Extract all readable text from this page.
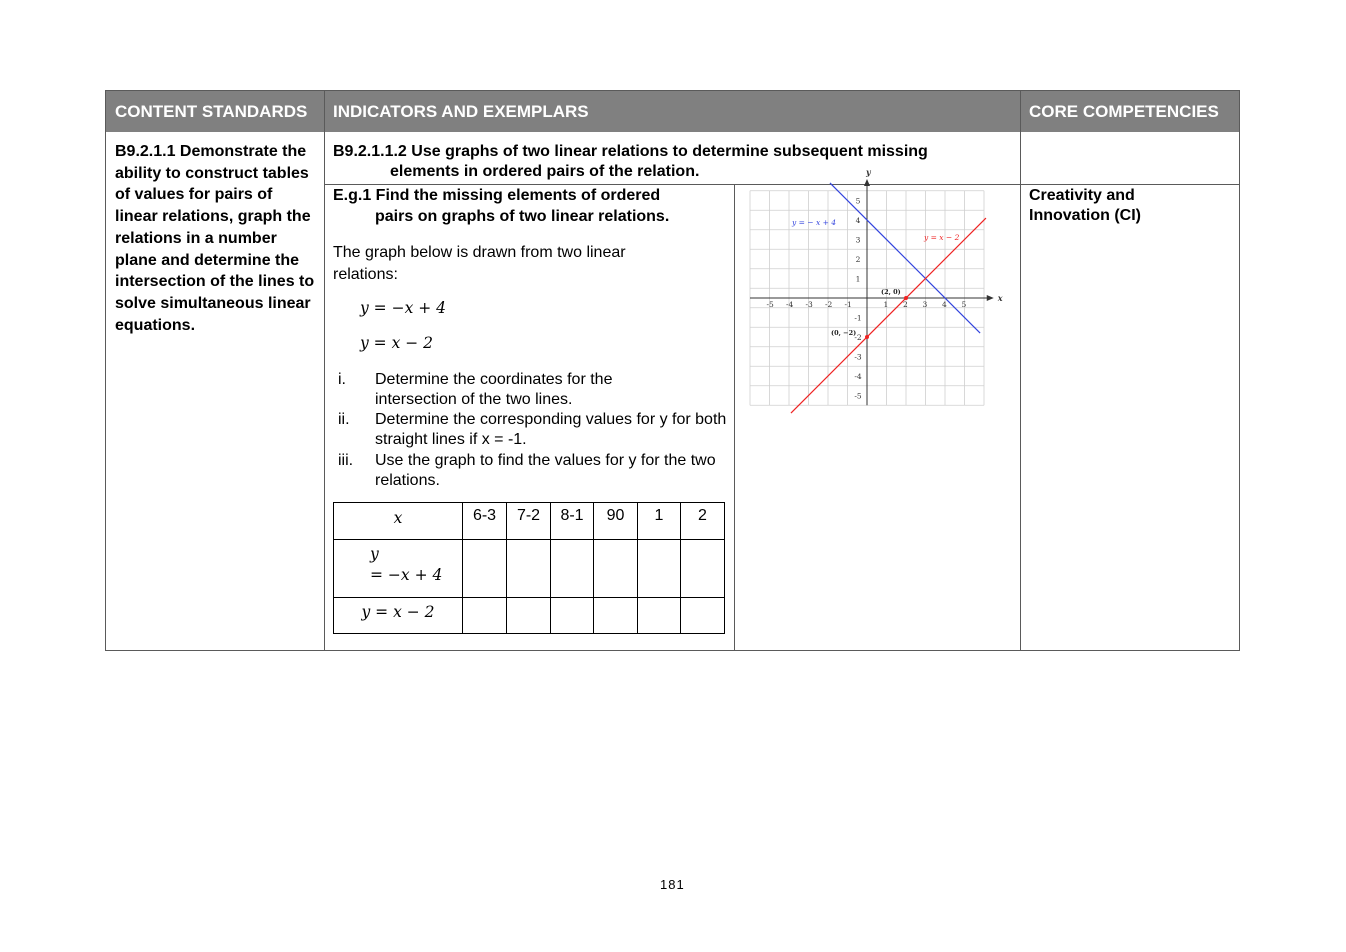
CONTENT STANDARDS	INDICATORS AND EXEMPLARS	CORE COMPETENCIES
B9.2.1.1 Demonstrate the ability to construct tables of values for pairs of linear relations, graph the relations in a number plane and determine the intersection of the lines to solve simultaneous linear equations.
B9.2.1.1.2 Use graphs of two linear relations to determine subsequent missing
elements in ordered pairs of the relation.
E.g.1 Find the missing elements of ordered
pairs on graphs of two linear relations.
The graph below is drawn from two linear relations:
y = −x + 4
y = x − 2
i. Determine the coordinates for the intersection of the two lines.
ii. Determine the corresponding values for y for both straight lines if x = -1.
iii. Use the graph to find the values for y for the two relations.
x	6-3	7-2	8-1	90	1	2

y
= −x + 4						

y = x − 2						
-5 -4 -3 -2 -1	1 2 3 4 5
5
4
3
2
1
-1
-2
-3
-4
-5
x
y
y = − x + 4
y = x − 2
(2, 0)
(0, −2)
Creativity and
Innovation (CI)
181
